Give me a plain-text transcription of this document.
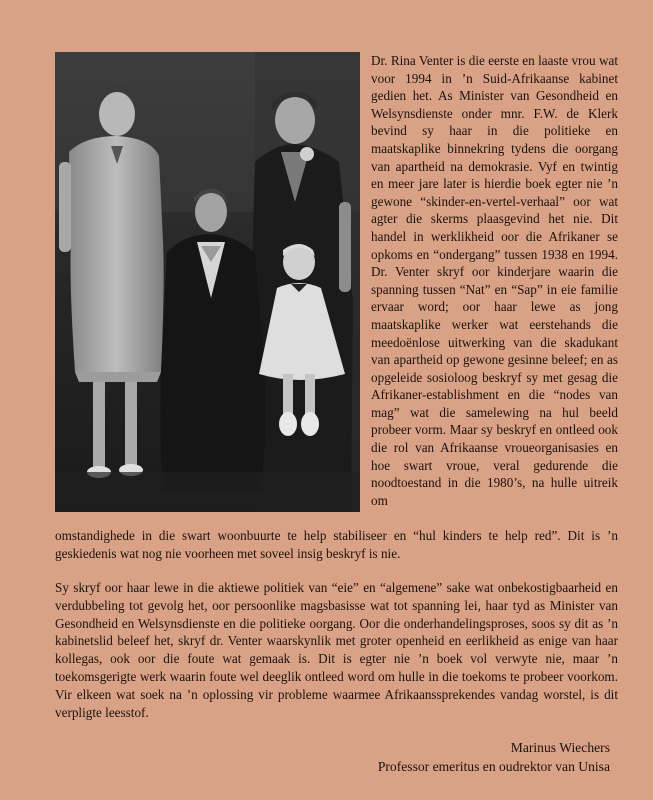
Dr. Rina Venter is die eerste en laaste vrou wat voor 1994 in ’n Suid-Afrikaanse kabinet gedien het. As Minister van Gesondheid en Welsynsdienste onder mnr. F.W. de Klerk bevind sy haar in die politieke en maatskaplike binnekring tydens die oorgang van apartheid na demokrasie. Vyf en twintig en meer jare later is hierdie boek egter nie ’n gewone “skinder-en-vertel-verhaal” oor wat agter die skerms plaasgevind het nie. Dit handel in werklikheid oor die Afrikaner se opkoms en “ondergang” tussen 1938 en 1994. Dr. Venter skryf oor kinderjare waarin die spanning tussen “Nat” en “Sap” in eie familie ervaar word; oor haar lewe as jong maatskaplike werker wat eerstehands die meedoënlose uitwerking van die skadukant van apartheid op gewone gesinne beleef; en as opgeleide sosioloog beskryf sy met gesag die Afrikaner-establishment en die “nodes van mag” wat die samelewing na hul beeld probeer vorm. Maar sy beskryf en ontleed ook die rol van Afrikaanse vroueorganisasies en hoe swart vroue, veral gedurende die noodtoestand in die 1980’s, na hulle uitreik om

omstandighede in die swart woonbuurte te help stabiliseer en “hul kinders te help red”. Dit is ’n geskiedenis wat nog nie voorheen met soveel insig beskryf is nie.

Sy skryf oor haar lewe in die aktiewe politiek van “eie” en “algemene” sake wat onbekostigbaarheid en verdubbeling tot gevolg het, oor persoonlike magsbasisse wat tot spanning lei, haar tyd as Minister van Gesondheid en Welsynsdienste en die politieke oorgang. Oor die onderhandelingsproses, soos sy dit as ’n kabinetslid beleef het, skryf dr. Venter waarskynlik met groter openheid en eerlikheid as enige van haar kollegas, ook oor die foute wat gemaak is. Dit is egter nie ’n boek vol verwyte nie, maar ’n toekomsgerigte werk waarin foute wel deeglik ontleed word om hulle in die toekoms te probeer voorkom. Vir elkeen wat soek na ’n oplossing vir probleme waarmee Afrikaanssprekendes vandag worstel, is dit verpligte leesstof.

Marinus Wiechers
Professor emeritus en oudrektor van Unisa
